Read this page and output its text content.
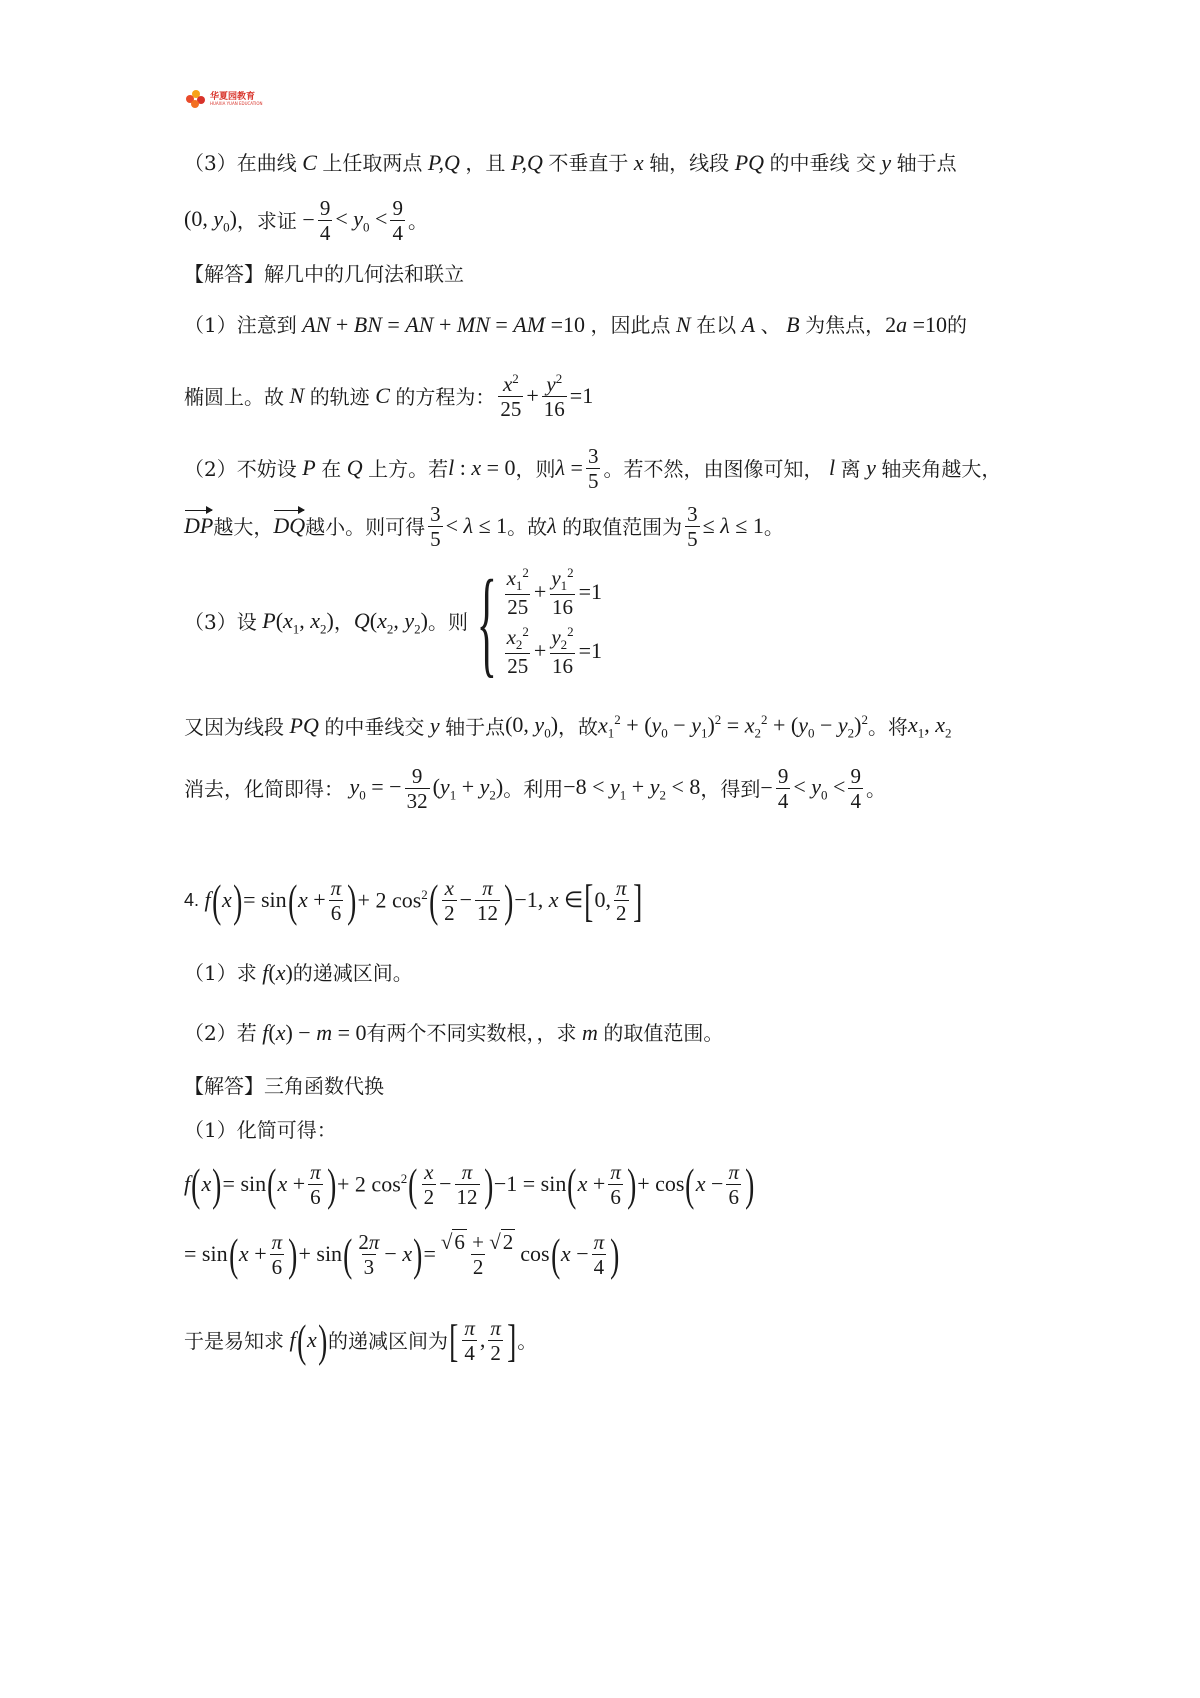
华夏园教育
HUAXIA YUAN EDUCATION
（3）在曲线 C 上任取两点 P,Q ，且 P,Q 不垂直于 x 轴，线段 PQ 的中垂线 交 y 轴于点
(0, $y_0$) ，求证 − $\frac{9}{4} < y_0 < \frac{9}{4}$ 。
【解答】解几中的几何法和联立
（1）注意到 AN + BN = AN + MN = AM =10 ，因此点 N 在以 A 、 B 为焦点， 2a =10 的
椭圆上。故 N 的轨迹 C 的方程为： $\frac{x^2}{25} + \frac{y^2}{16} =1$
（2）不妨设 P 在 Q 上方。若 l : x = 0 ，则 $\lambda = \frac{3}{5}$ 。若不然，由图像可知， l 离 y 轴夹角越大，
DP 越大， DQ 越小。则可得 $\frac{3}{5} < \lambda \le 1$ 。故 λ 的取值范围为 $\frac{3}{5} \le \lambda \le 1$ 。
（3）设 $P(x_1$, $x_2$) ， $Q(x_2$, $y_2$) 。则 { $\frac{x_1^2}{25} + \frac{y_1^2}{16} =1$
$\frac{x_2^2}{25} + \frac{y_2^2}{16} =1$
又因为线段 PQ 的中垂线交 y 轴于点 (0, $y_0$) ，故 $x_1^2 + (y_0 - y_1)^2 = x_2^2 + (y_0 - y_2)^2$ 。将 $x_1$, $x_2$
消去，化简即得： $y_0$ = − $\frac{9}{32} (y_1 + y_2)$ 。利用 $-8 < y_1 + y_2 < 8$ ，得到 − $\frac{9}{4} < y_0 < \frac{9}{4}$ 。
4. f ( x ) = sin ( $x + \frac{\pi}{6}$ ) + 2 $\cos^2$ ( $\frac{x}{2} - \frac{\pi}{12}$ ) −1, x ∈ [ 0, $\frac{\pi}{2}$ ]
（1）求 f(x) 的递减区间。
（2）若 f(x) − m = 0 有两个不同实数根，，求 m 的取值范围。
【解答】三角函数代换
（1）化简可得：
f ( x ) = sin ( $x + \frac{\pi}{6}$ ) + 2 $\cos^2$ ( $\frac{x}{2} - \frac{\pi}{12}$ ) −1 = sin ( $x + \frac{\pi}{6}$ ) + cos ( $x - \frac{\pi}{6}$ )
= sin ( $x + \frac{\pi}{6}$ ) + sin ( $\frac{2\pi}{3} - x$ ) = $\frac{√6 + √2}{2}$ cos ( $x - \frac{\pi}{4}$ )
于是易知求 f ( x ) 的递减区间为 [ $\frac{\pi}{4}$ , $\frac{\pi}{2}$ ] 。
